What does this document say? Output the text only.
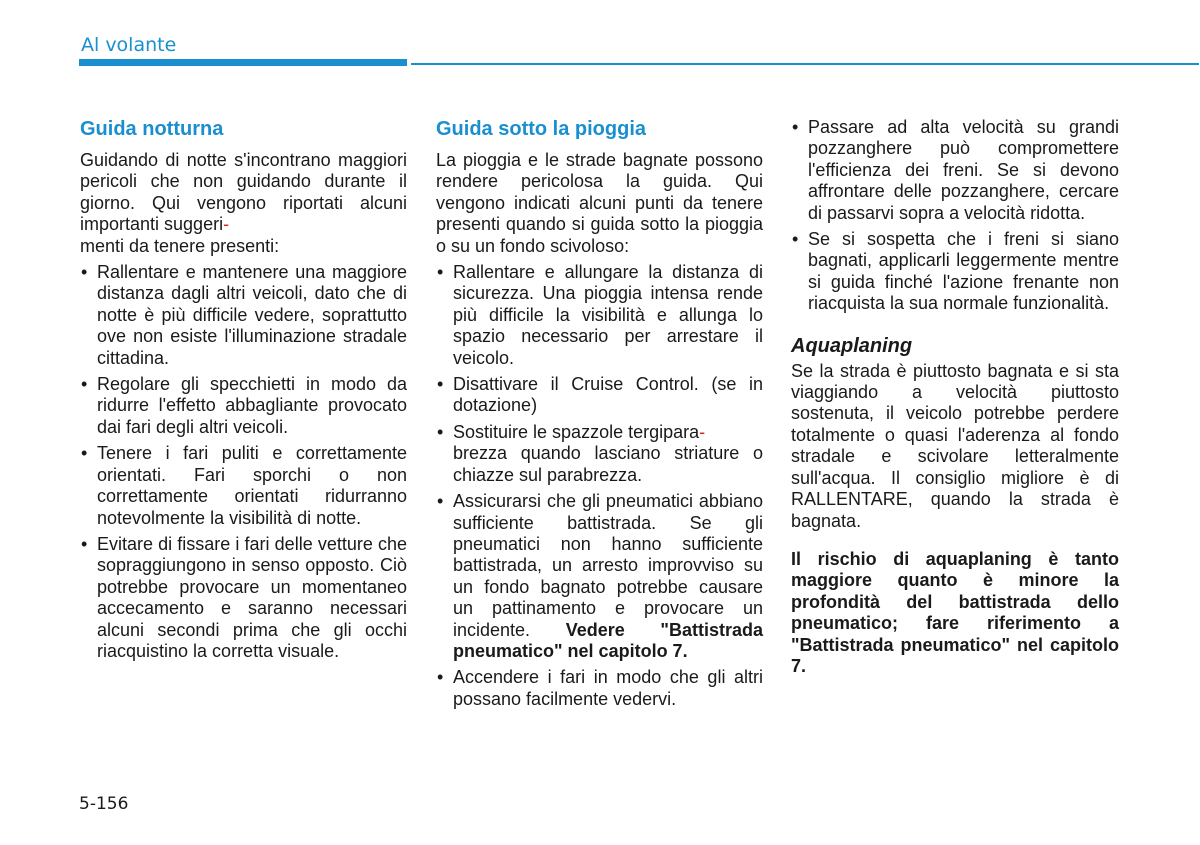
Al volante
Guida notturna

Guidando di notte s'incontrano maggiori pericoli che non guidando durante il giorno. Qui vengono riportati alcuni importanti suggeri-
menti da tenere presenti:

• Rallentare e mantenere una maggiore distanza dagli altri veicoli, dato che di notte è più difficile vedere, soprattutto ove non esiste l'illuminazione stradale cittadina.
• Regolare gli specchietti in modo da ridurre l'effetto abbagliante provocato dai fari degli altri veicoli.
• Tenere i fari puliti e correttamente orientati. Fari sporchi o non correttamente orientati ridurranno notevolmente la visibilità di notte.
• Evitare di fissare i fari delle vetture che sopraggiungono in senso opposto. Ciò potrebbe provocare un momentaneo accecamento e saranno necessari alcuni secondi prima che gli occhi riacquistino la corretta visuale.
Guida sotto la pioggia

La pioggia e le strade bagnate possono rendere pericolosa la guida. Qui vengono indicati alcuni punti da tenere presenti quando si guida sotto la pioggia o su un fondo scivoloso:

• Rallentare e allungare la distanza di sicurezza. Una pioggia intensa rende più difficile la visibilità e allunga lo spazio necessario per arrestare il veicolo.
• Disattivare il Cruise Control. (se in dotazione)
• Sostituire le spazzole tergipara-
brezza quando lasciano striature o chiazze sul parabrezza.
• Assicurarsi che gli pneumatici abbiano sufficiente battistrada. Se gli pneumatici non hanno sufficiente battistrada, un arresto improvviso su un fondo bagnato potrebbe causare un pattinamento e provocare un incidente. Vedere "Battistrada pneumatico" nel capitolo 7.
• Accendere i fari in modo che gli altri possano facilmente vedervi.
• Passare ad alta velocità su grandi pozzanghere può compromettere l'efficienza dei freni. Se si devono affrontare delle pozzanghere, cercare di passarvi sopra a velocità ridotta.
• Se si sospetta che i freni si siano bagnati, applicarli leggermente mentre si guida finché l'azione frenante non riacquista la sua normale funzionalità.
Aquaplaning

Se la strada è piuttosto bagnata e si sta viaggiando a velocità piuttosto sostenuta, il veicolo potrebbe perdere totalmente o quasi l'aderenza al fondo stradale e scivolare letteralmente sull'acqua. Il consiglio migliore è di RALLENTARE, quando la strada è bagnata.

Il rischio di aquaplaning è tanto maggiore quanto è minore la profondità del battistrada dello pneumatico; fare riferimento a "Battistrada pneumatico" nel capitolo 7.

5-156
